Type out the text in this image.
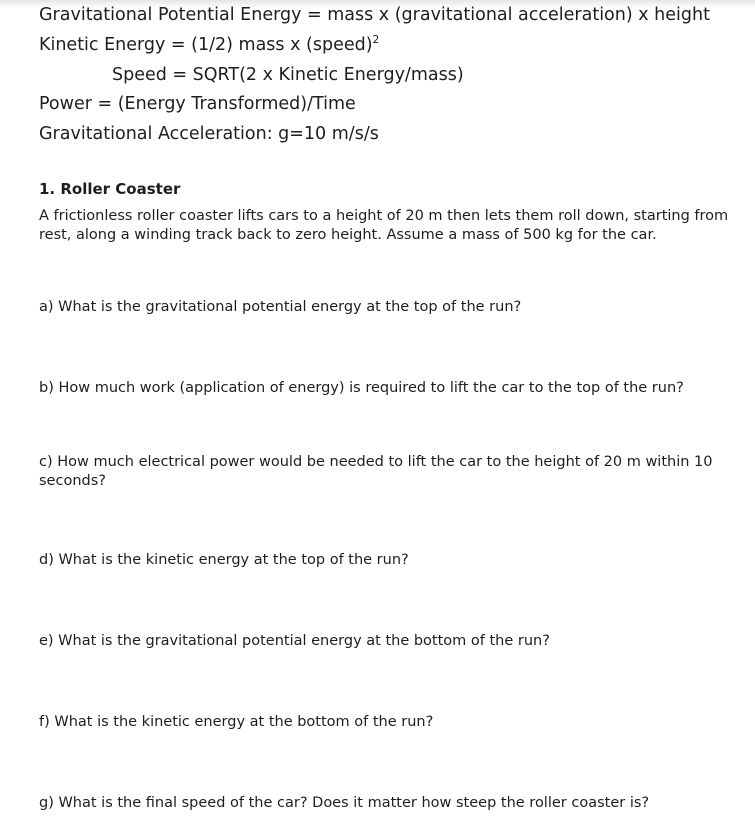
Gravitational Potential Energy = mass x (gravitational acceleration) x height

Kinetic Energy = (1/2) mass x (speed)$^2$

Speed = SQRT(2 x Kinetic Energy/mass)

Power = (Energy Transformed)/Time

Gravitational Acceleration: g=10 m/s/s

1. Roller Coaster

A frictionless roller coaster lifts cars to a height of 20 m then lets them roll down, starting from rest, along a winding track back to zero height. Assume a mass of 500 kg for the car.

a) What is the gravitational potential energy at the top of the run?

b) How much work (application of energy) is required to lift the car to the top of the run?

c) How much electrical power would be needed to lift the car to the height of 20 m within 10 seconds?

d) What is the kinetic energy at the top of the run?

e) What is the gravitational potential energy at the bottom of the run?

f) What is the kinetic energy at the bottom of the run?

g) What is the final speed of the car? Does it matter how steep the roller coaster is?
